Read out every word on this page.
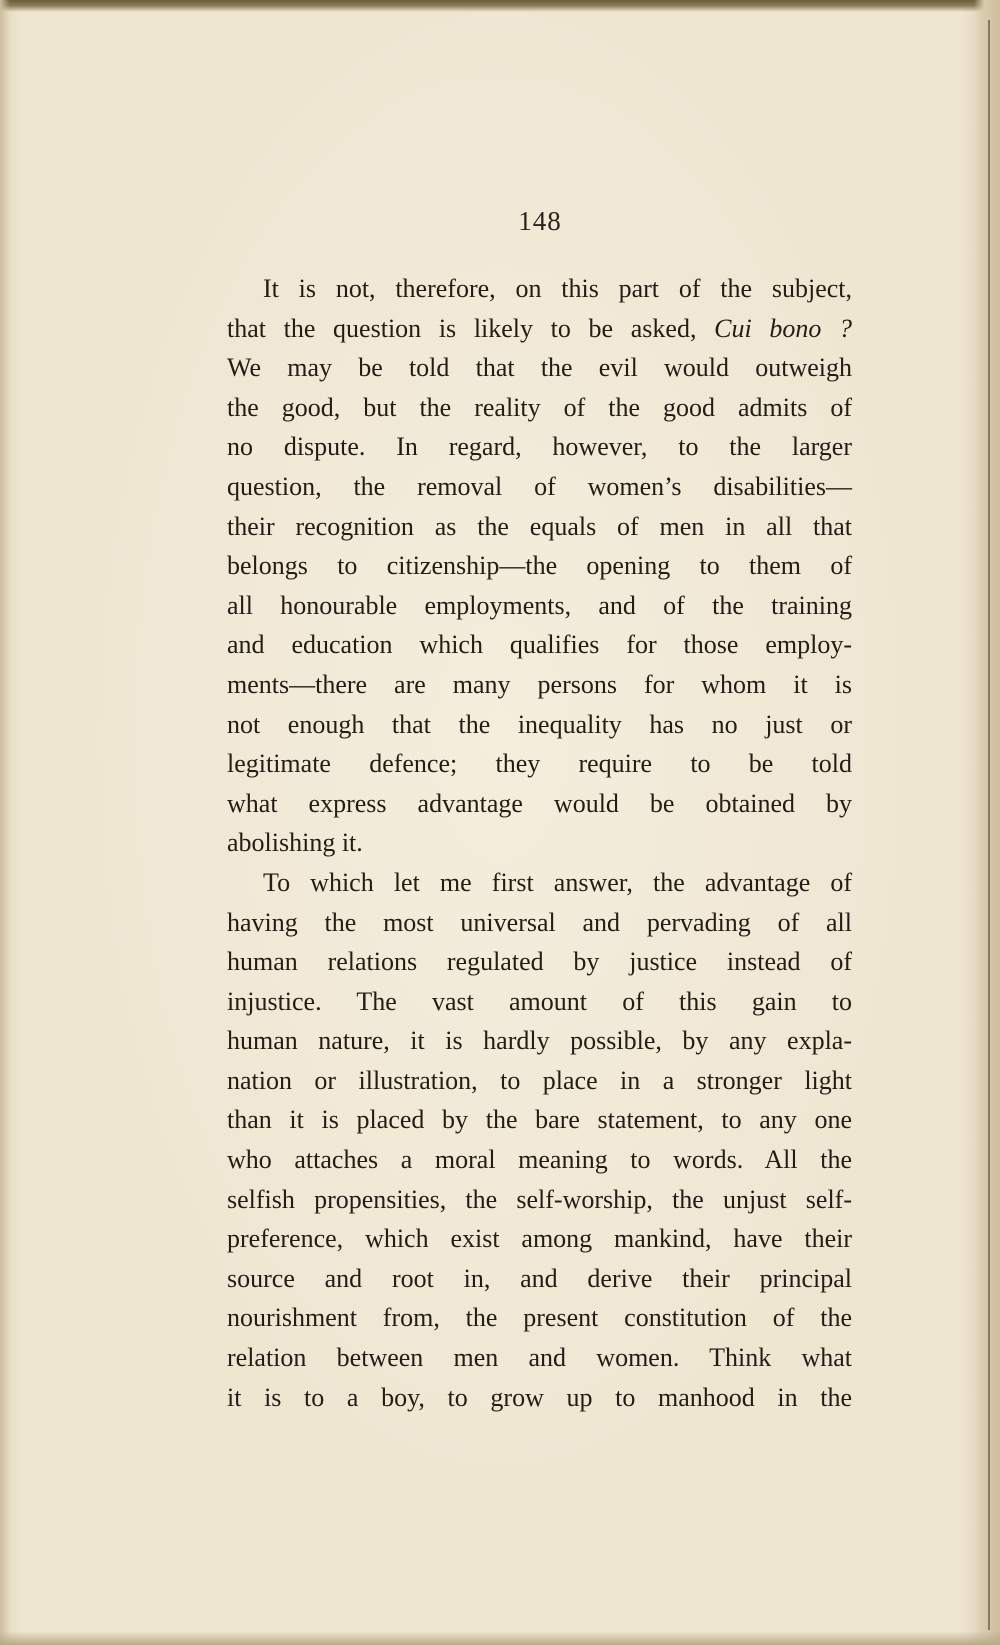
148
It is not, therefore, on this part of the subject,
that the question is likely to be asked, Cui bono ?
We may be told that the evil would outweigh
the good, but the reality of the good admits of
no dispute. In regard, however, to the larger
question, the removal of women’s disabilities—
their recognition as the equals of men in all that
belongs to citizenship—the opening to them of
all honourable employments, and of the training
and education which qualifies for those employ-
ments—there are many persons for whom it is
not enough that the inequality has no just or
legitimate defence; they require to be told
what express advantage would be obtained by
abolishing it.
To which let me first answer, the advantage of
having the most universal and pervading of all
human relations regulated by justice instead of
injustice. The vast amount of this gain to
human nature, it is hardly possible, by any expla-
nation or illustration, to place in a stronger light
than it is placed by the bare statement, to any one
who attaches a moral meaning to words. All the
selfish propensities, the self-worship, the unjust self-
preference, which exist among mankind, have their
source and root in, and derive their principal
nourishment from, the present constitution of the
relation between men and women. Think what
it is to a boy, to grow up to manhood in the
